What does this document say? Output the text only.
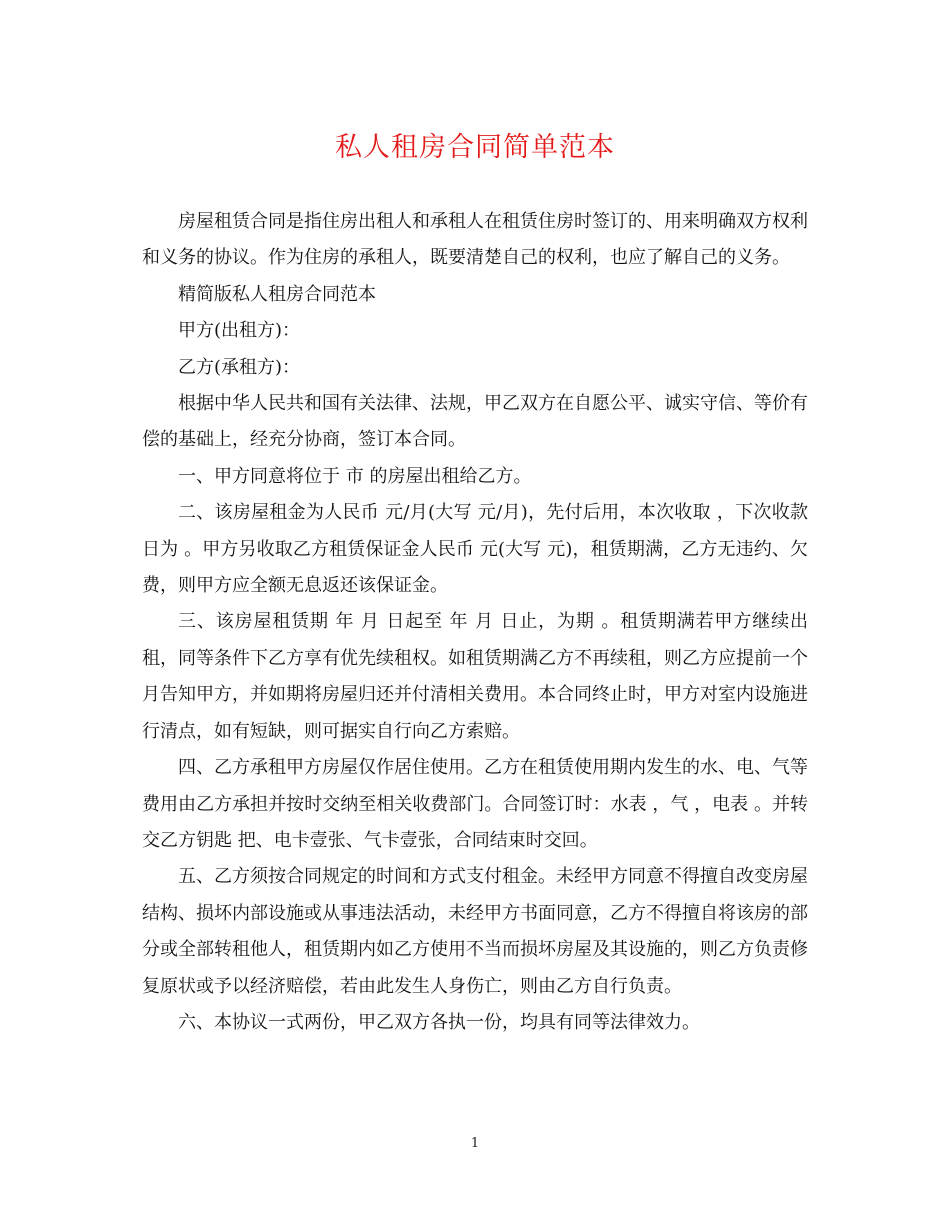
私人租房合同简单范本

房屋租赁合同是指住房出租人和承租人在租赁住房时签订的、用来明确双方权利和义务的协议。作为住房的承租人，既要清楚自己的权利，也应了解自己的义务。

精简版私人租房合同范本

甲方(出租方)：

乙方(承租方)：

根据中华人民共和国有关法律、法规，甲乙双方在自愿公平、诚实守信、等价有偿的基础上，经充分协商，签订本合同。

一、甲方同意将位于 市 的房屋出租给乙方。

二、该房屋租金为人民币 元/月(大写 元/月)，先付后用，本次收取 ，下次收款日为 。甲方另收取乙方租赁保证金人民币 元(大写 元)，租赁期满，乙方无违约、欠费，则甲方应全额无息返还该保证金。

三、该房屋租赁期 年 月 日起至 年 月 日止，为期 。租赁期满若甲方继续出租，同等条件下乙方享有优先续租权。如租赁期满乙方不再续租，则乙方应提前一个月告知甲方，并如期将房屋归还并付清相关费用。本合同终止时，甲方对室内设施进行清点，如有短缺，则可据实自行向乙方索赔。

四、乙方承租甲方房屋仅作居住使用。乙方在租赁使用期内发生的水、电、气等费用由乙方承担并按时交纳至相关收费部门。合同签订时：水表 ，气 ，电表 。并转交乙方钥匙 把、电卡壹张、气卡壹张，合同结束时交回。

五、乙方须按合同规定的时间和方式支付租金。未经甲方同意不得擅自改变房屋结构、损坏内部设施或从事违法活动，未经甲方书面同意，乙方不得擅自将该房的部分或全部转租他人，租赁期内如乙方使用不当而损坏房屋及其设施的，则乙方负责修复原状或予以经济赔偿，若由此发生人身伤亡，则由乙方自行负责。

六、本协议一式两份，甲乙双方各执一份，均具有同等法律效力。

1
